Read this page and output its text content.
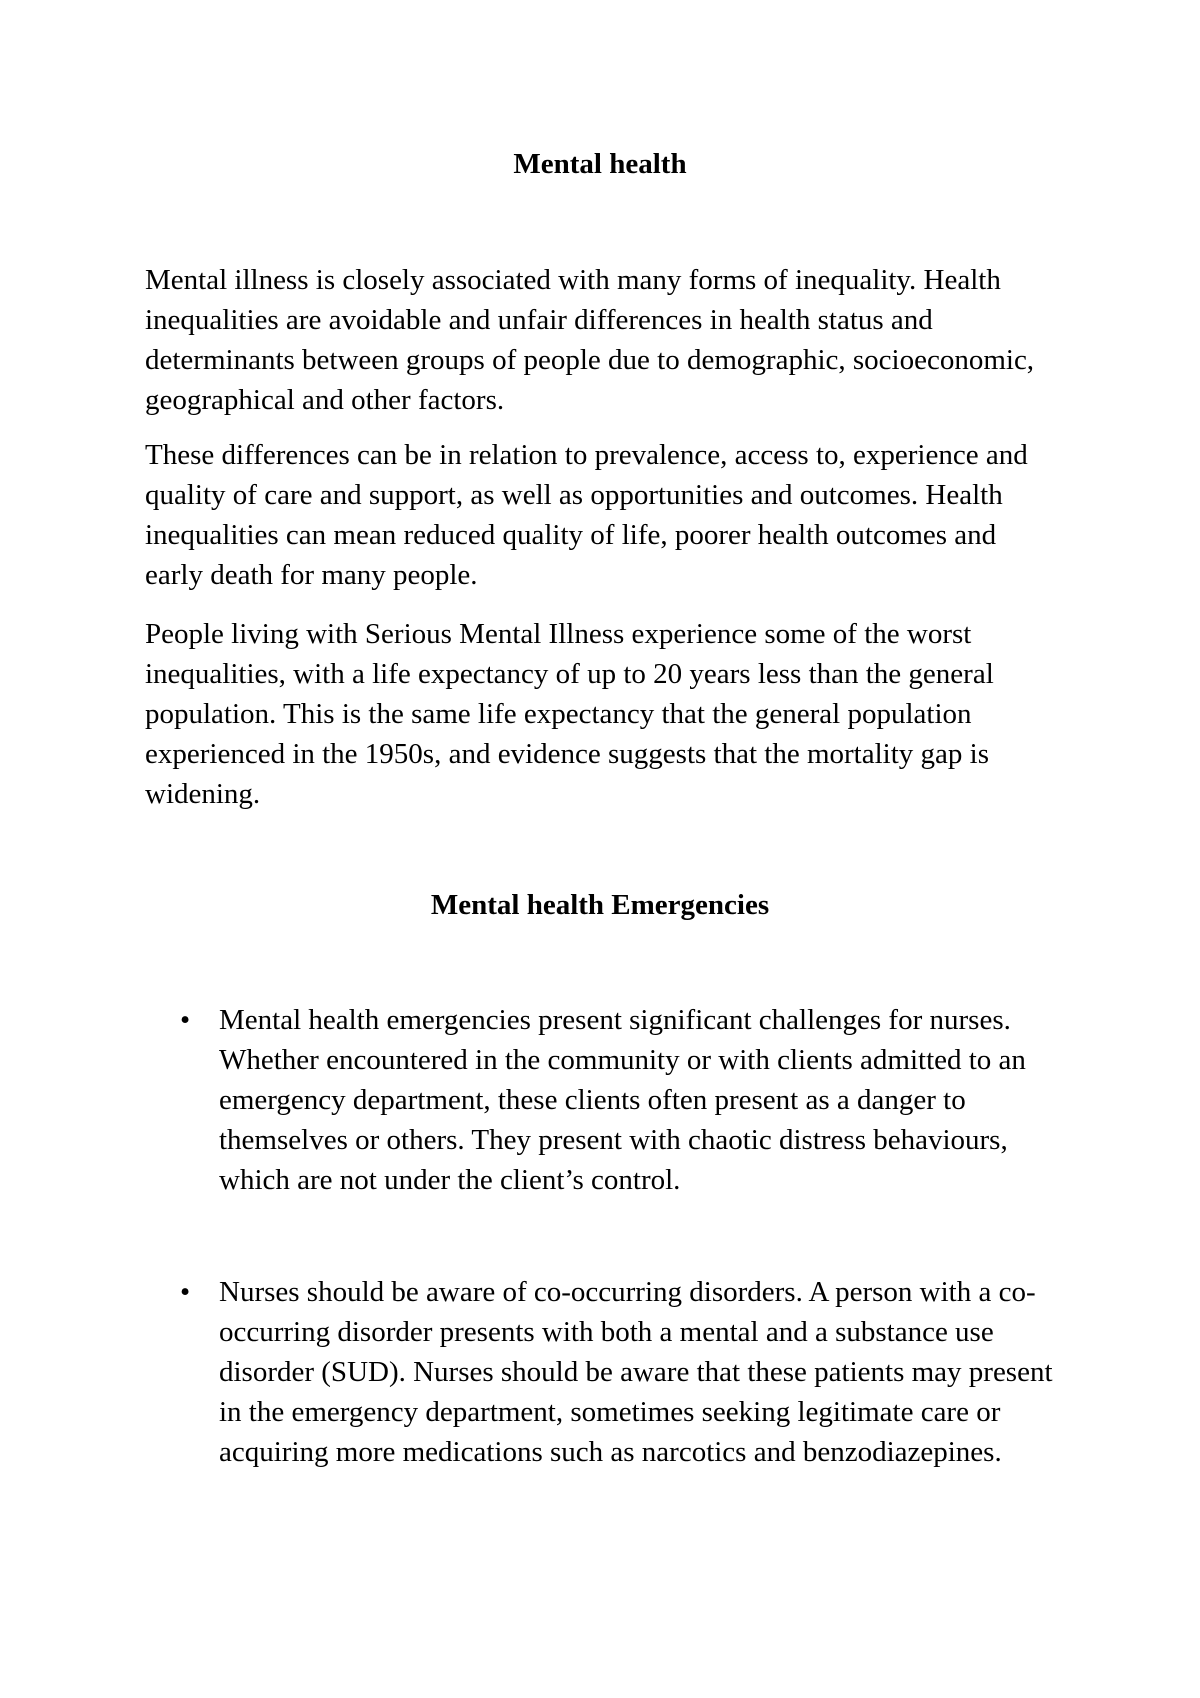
Mental health

Mental illness is closely associated with many forms of inequality. Health inequalities are avoidable and unfair differences in health status and determinants between groups of people due to demographic, socioeconomic, geographical and other factors.

These differences can be in relation to prevalence, access to, experience and quality of care and support, as well as opportunities and outcomes. Health inequalities can mean reduced quality of life, poorer health outcomes and early death for many people.

People living with Serious Mental Illness experience some of the worst inequalities, with a life expectancy of up to 20 years less than the general population. This is the same life expectancy that the general population experienced in the 1950s, and evidence suggests that the mortality gap is widening.

Mental health Emergencies
• Mental health emergencies present significant challenges for nurses. Whether encountered in the community or with clients admitted to an emergency department, these clients often present as a danger to themselves or others. They present with chaotic distress behaviours, which are not under the client’s control.

• Nurses should be aware of co-occurring disorders. A person with a co-occurring disorder presents with both a mental and a substance use disorder (SUD). Nurses should be aware that these patients may present in the emergency department, sometimes seeking legitimate care or acquiring more medications such as narcotics and benzodiazepines.
